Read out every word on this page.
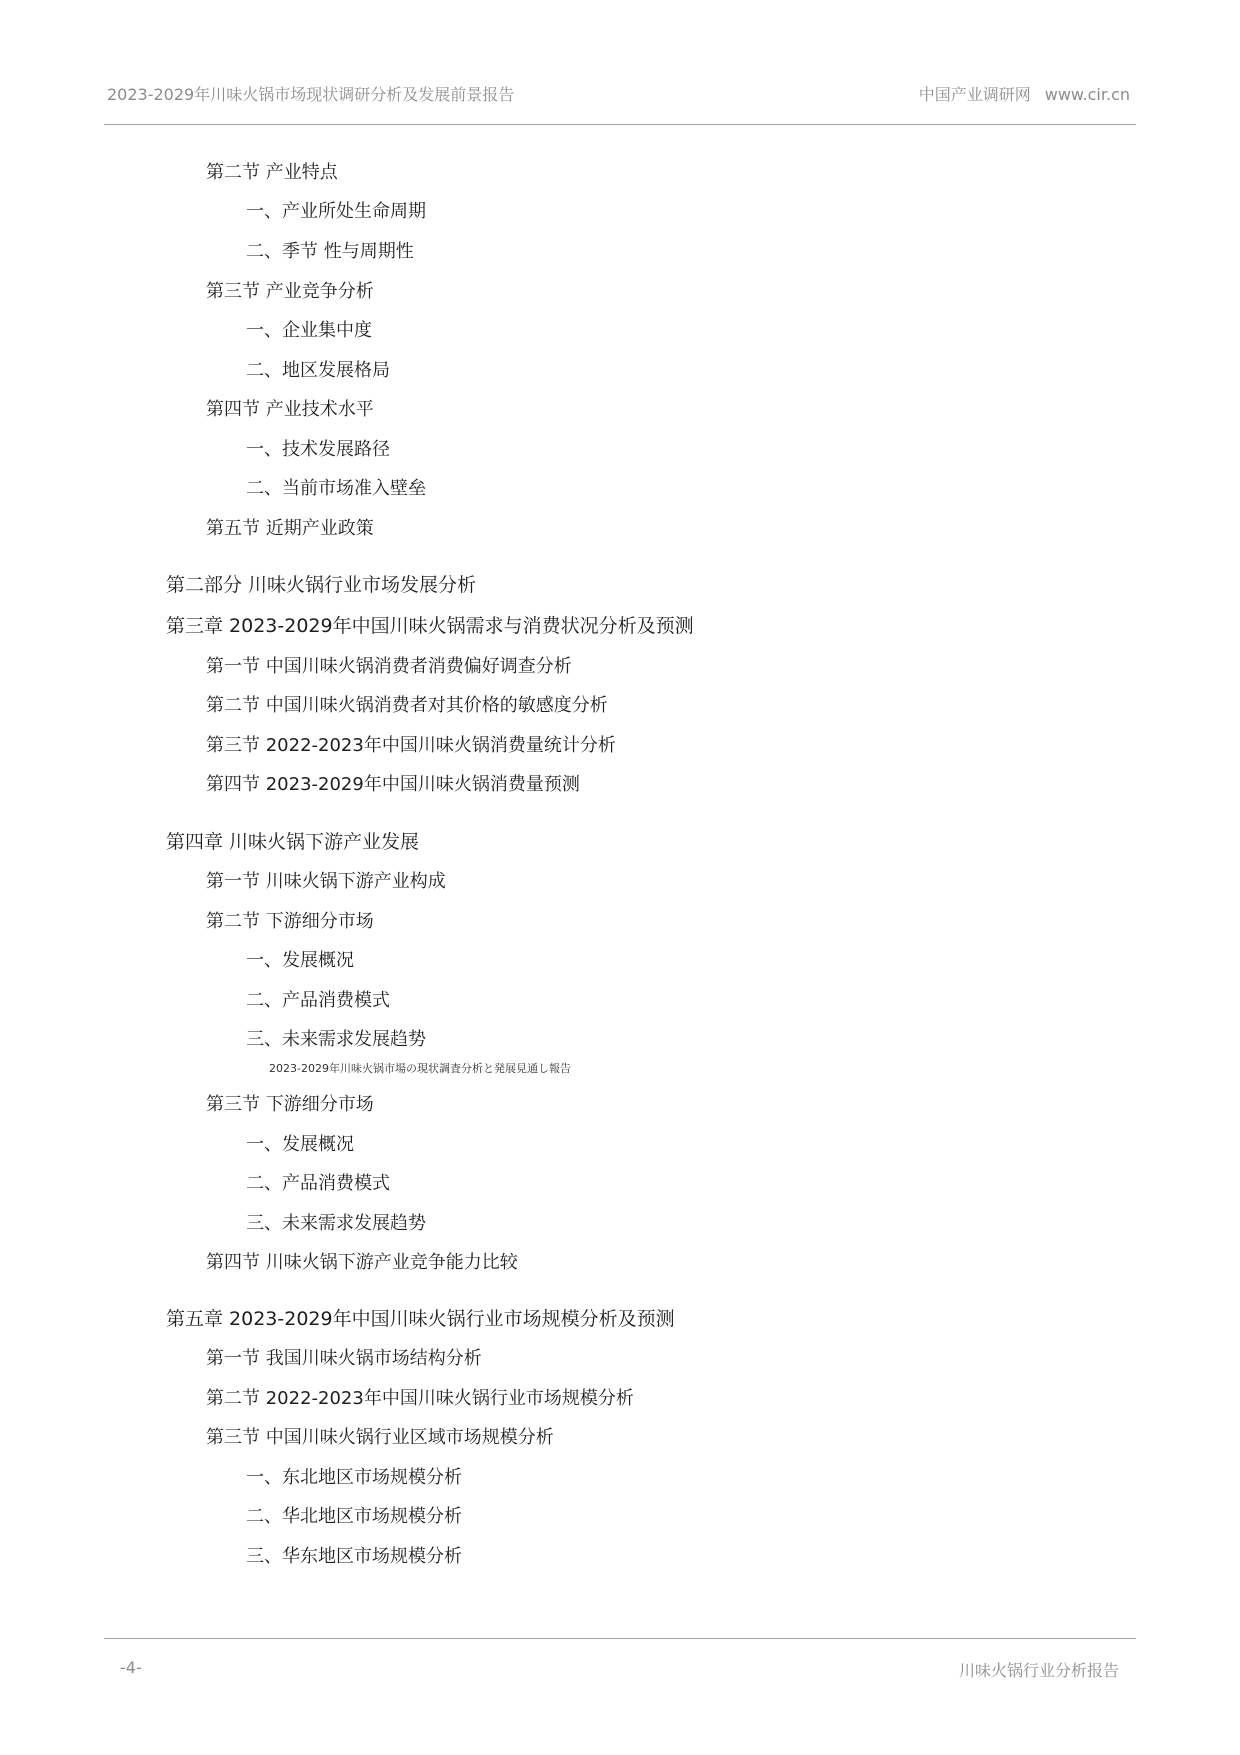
2023-2029年川味火锅市场现状调研分析及发展前景报告	中国产业调研网 www.cir.cn
第二节 产业特点
一、产业所处生命周期
二、季节 性与周期性
第三节 产业竞争分析
一、企业集中度
二、地区发展格局
第四节 产业技术水平
一、技术发展路径
二、当前市场准入壁垒
第五节 近期产业政策
第二部分 川味火锅行业市场发展分析
第三章 2023-2029年中国川味火锅需求与消费状况分析及预测
第一节 中国川味火锅消费者消费偏好调查分析
第二节 中国川味火锅消费者对其价格的敏感度分析
第三节 2022-2023年中国川味火锅消费量统计分析
第四节 2023-2029年中国川味火锅消费量预测
第四章 川味火锅下游产业发展
第一节 川味火锅下游产业构成
第二节 下游细分市场
一、发展概况
二、产品消费模式
三、未来需求发展趋势
第三节 下游细分市场
一、发展概况
二、产品消费模式
三、未来需求发展趋势
第四节 川味火锅下游产业竞争能力比较
第五章 2023-2029年中国川味火锅行业市场规模分析及预测
第一节 我国川味火锅市场结构分析
第二节 2022-2023年中国川味火锅行业市场规模分析
第三节 中国川味火锅行业区域市场规模分析
一、东北地区市场规模分析
二、华北地区市场规模分析
三、华东地区市场规模分析
2023-2029年川味火锅市場の現状調査分析と発展見通し報告
-4-	川味火锅行业分析报告
